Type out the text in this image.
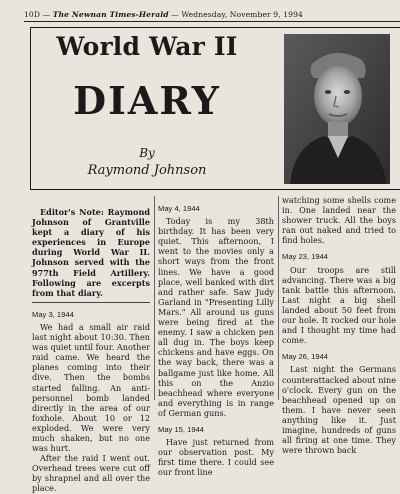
10D — The Newnan Times-Herald — Wednesday, November 9, 1994
World War II
DIARY
By
Raymond Johnson

Editor's Note: Raymond Johnson of Grantville kept a diary of his experiences in Europe during World War II. Johnson served with the 977th Field Artillery. Following are excerpts from that diary.

May 3, 1944

We had a small air raid last night about 10:30. Then was quiet until four. Another raid came. We heard the planes coming into their dive. Then the bombs started falling. An anti-personnel bomb landed directly in the area of our foxhole. About 10 or 12 exploded. We were very much shaken, but no one was hurt.

After the raid I went out. Overhead trees were cut off by shrapnel and all over the place.

May 4, 1944

Today is my 38th birthday. It has been very quiet. This afternoon, I went to the movies only a short ways from the front lines. We have a good place, well banked with dirt and rather safe. Saw Judy Garland in "Presenting Lilly Mars." All around us guns were being fired at the enemy. I saw a chicken pen all dug in. The boys keep chickens and have eggs. On the way back, there was a ballgame just like home. All this on the Anzio beachhead where everyone and everything is in range of German guns.

May 15, 1944

Have just returned from our observation post. My first time there. I could see our front line

watching some shells come in. One landed near the shower truck. All the boys ran out naked and tried to find holes.

May 23, 1944

Our troops are still advancing. There was a big tank battle this afternoon. Last night a big shell landed about 50 feet from our hole. It rocked our hole and I thought my time had come.

May 26, 1944

Last night the Germans counterattacked about nine o'clock. Every gun on the beachhead opened up on them. I have never seen anything like it. Just imagine, hundreds of guns all firing at one time. They were thrown back
